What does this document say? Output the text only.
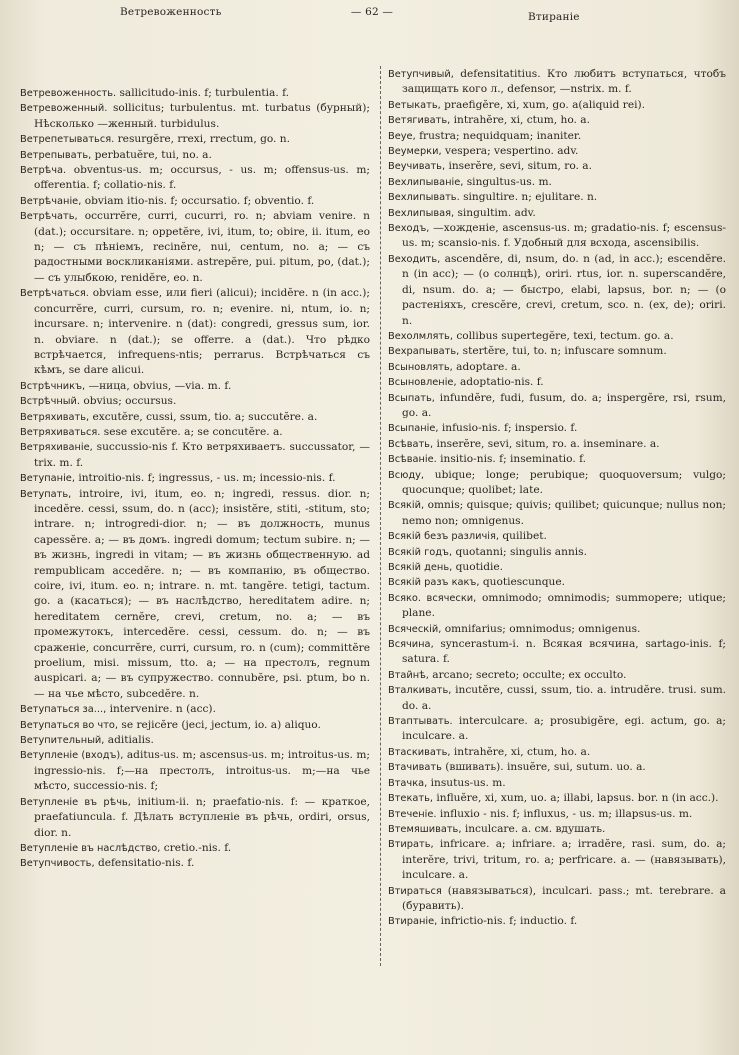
Ветревоженность	— 62 —	Втиранiе

Ветревоженность. sallicitudo-inis. f; turbulentia. f.

Ветревоженный. sollicitus; turbulentus. mt. turbatus (бурный); Нѣсколько —женный. turbidulus.

Ветрепетываться. resurgĕre, rrexi, rrectum, go. n.

Ветрепывать, perbatuĕre, tui, no. a.

Ветрѣча. obventus-us. m; occursus, - us. m; offensus-us. m; offerentia. f; collatio-nis. f.

Ветрѣчанiе, obviam itio-nis. f; occursatio. f; obventio. f.

Ветрѣчать, occurrĕre, curri, cucurri, ro. n; abviam venire. n (dat.); occursitare. n; oppetĕre, ivi, itum, to; obire, ii. itum, eo n; — съ пѣнiемъ, recinĕre, nui, centum, no. a; — съ радостными воскликанiями. astrepĕre, pui. pitum, po, (dat.); — съ улыбкою, renidĕre, eo. n.

Ветрѣчаться. obviam esse, или fieri (alicui); incidĕre. n (in acc.); concurrĕre, curri, cursum, ro. n; evenire. ni, ntum, io. n; incursare. n; intervenire. n (dat): congredi, gressus sum, ior. n. obviare. n (dat.); se offerre. a (dat.). Что рѣдко встрѣчается, infrequens-ntis; perrarus. Встрѣчаться съ кѣмъ, se dare alicui.

Встрѣчникъ, —ница, obvius, —via. m. f.

Встрѣчный. obvius; occursus.

Ветряхивать, excutĕre, cussi, ssum, tio. a; succutĕre. a.

Ветряхиваться. sese excutĕre. a; se concutĕre. a.

Ветряхиванie, succussio-nis f. Кто ветряхиваетъ. succussator, —trix. m. f.

Ветупанie, introitio-nis. f; ingressus, - us. m; incessio-nis. f.

Ветупать, introire, ivi, itum, eo. n; ingredi, ressus. dior. n; incedĕre. cessi, ssum, do. n (acc); insistĕre, stiti, -stitum, sto; intrare. n; introgredi-dior. n; — въ должность, munus capessĕre. a; — въ домъ. ingredi domum; tectum subire. n; — въ жизнь, ingredi in vitam; — въ жизнь общественную. ad rempublicam accedĕre. n; — въ компанiю, въ общество. coire, ivi, itum. eo. n; intrare. n. mt. tangĕre. tetigi, tactum. go. a (касаться); — въ наслѣдство, hereditatem adire. n; hereditatem cernĕre, crevi, cretum, no. a; — въ промежутокъ, intercedĕre. cessi, cessum. do. n; — въ сраженiе, concurrĕre, curri, cursum, ro. n (cum); committĕre proelium, misi. missum, tto. a; — на престолъ, regnum auspicari. a; — въ супружество. connubĕre, psi. ptum, bo n. — на чье мѣсто, subcedĕre. n.

Ветупаться за..., intervenire. n (acc).

Ветупаться во что, se rejicĕre (jeci, jectum, io. a) aliquo.

Ветупительный, aditialis.

Ветупленiе (входъ), aditus-us. m; ascensus-us. m; introitus-us. m; ingressio-nis. f;—на престолъ, introitus-us. m;—на чье мѣсто, successio-nis. f;

Ветупленiе въ рѣчь, initium-ii. n; praefatio-nis. f: — краткое, praefatiuncula. f. Дѣлать вступленiе въ рѣчь, ordiri, orsus, dior. n.

Ветупленiе въ наслѣдство, cretio.-nis. f.

Ветупчивость, defensitatio-nis. f.

Ветупчивый, defensitatitius. Кто любитъ вступаться, чтобъ защищать кого л., defensor, —nstrix. m. f.

Ветыкать, praefigĕre, xi, xum, go. a(aliquid rei).

Ветягивать, intrahĕre, xi, ctum, ho. a.

Веуе, frustra; nequidquam; inaniter.

Веумерки, vespera; vespertino. adv.

Веучивать, inserĕre, sevi, situm, ro. a.

Вехлипыванiе, singultus-us. m.

Вехлипывать. singultire. n; ejulitare. n.

Вехлипывая, singultim. adv.

Веходъ, —хожденiе, ascensus-us. m; gradatio-nis. f; escensus-us. m; scansio-nis. f. Удобный для всхода, ascensibilis.

Веходить, ascendĕre, di, nsum, do. n (ad, in acc.); escendĕre. n (in acc); — (о солнцѣ), oriri. rtus, ior. n. superscandĕre, di, nsum. do. a; — быстро, elabi, lapsus, bor. n; — (о растенiяхъ, crescĕre, crevi, cretum, sco. n. (ex, de); oriri. n.

Вехолмлять, collibus supertegĕre, texi, tectum. go. a.

Вехрапывать, stertĕre, tui, to. n; infuscare somnum.

Всыновлять, adoptare. a.

Всыновленiе, adoptatio-nis. f.

Всыпать, infundĕre, fudi, fusum, do. a; inspergĕre, rsi, rsum, go. a.

Всыпанiе, infusio-nis. f; inspersio. f.

Всѣвать, inserĕre, sevi, situm, ro. a. inseminare. a.

Всѣванiе. insitio-nis. f; inseminatio. f.

Всюду, ubique; longe; perubique; quoquoversum; vulgo; quocunque; quolibet; late.

Всякiй, omnis; quisque; quivis; quilibet; quicunque; nullus non; nemo non; omnigenus.

Всякiй безъ различiя, quilibet.

Всякiй годъ, quotanni; singulis annis.

Всякiй день, quotidie.

Всякiй разъ какъ, quotiescunque.

Всяко. всячески, omnimodo; omnimodis; summopere; utique; plane.

Всяческiй, omnifarius; omnimodus; omnigenus.

Всячина, syncerastum-i. n. Всякая всячина, sartago-inis. f; satura. f.

Втайнѣ, arcano; secreto; occulte; ex occulto.

Вталкивать, incutĕre, cussi, ssum, tio. a. intrudĕre. trusi. sum. do. a.

Втаптывать. interculcare. a; prosubigĕre, egi. actum, go. a; inculcare. a.

Втаскивать, intrahĕre, xi, ctum, ho. a.

Втачивать (вшивать). insuĕre, sui, sutum. uo. a.

Втачка, insutus-us. m.

Втекать, influĕre, xi, xum, uo. a; illabi, lapsus. bor. n (in acc.).

Втеченiе. influxio - nis. f; influxus, - us. m; illapsus-us. m.

Втемяшивать, inculcare. a. см. вдушать.

Втирать, infricare. a; infriare. a; irradĕre, rasi. sum, do. a; interĕre, trivi, tritum, ro. a; perfricare. a. — (навязывать), inculcare. a.

Втираться (навязываться), inculcari. pass.; mt. terebrare. a (буравить).

Втиранiе, infrictio-nis. f; inductio. f.
